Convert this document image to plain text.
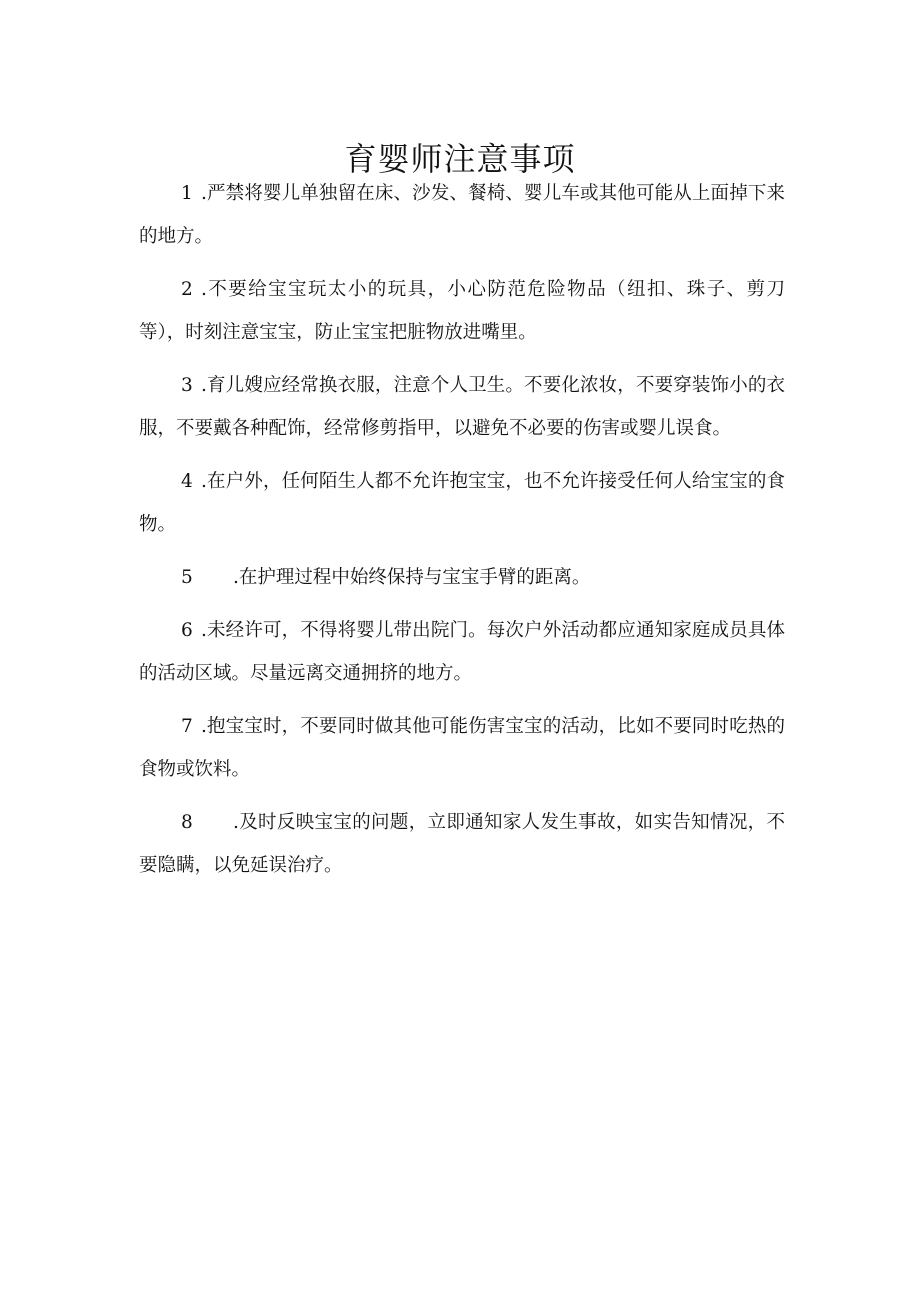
育婴师注意事项

1 .严禁将婴儿单独留在床、沙发、餐椅、婴儿车或其他可能从上面掉下来的地方。

2 .不要给宝宝玩太小的玩具，小心防范危险物品（纽扣、珠子、剪刀等），时刻注意宝宝，防止宝宝把脏物放进嘴里。

3 .育儿嫂应经常换衣服，注意个人卫生。不要化浓妆，不要穿装饰小的衣服，不要戴各种配饰，经常修剪指甲，以避免不必要的伤害或婴儿误食。

4 .在户外，任何陌生人都不允许抱宝宝，也不允许接受任何人给宝宝的食物。

5 .在护理过程中始终保持与宝宝手臂的距离。

6 .未经许可，不得将婴儿带出院门。每次户外活动都应通知家庭成员具体的活动区域。尽量远离交通拥挤的地方。

7 .抱宝宝时，不要同时做其他可能伤害宝宝的活动，比如不要同时吃热的食物或饮料。

8 .及时反映宝宝的问题，立即通知家人发生事故，如实告知情况，不要隐瞒，以免延误治疗。
